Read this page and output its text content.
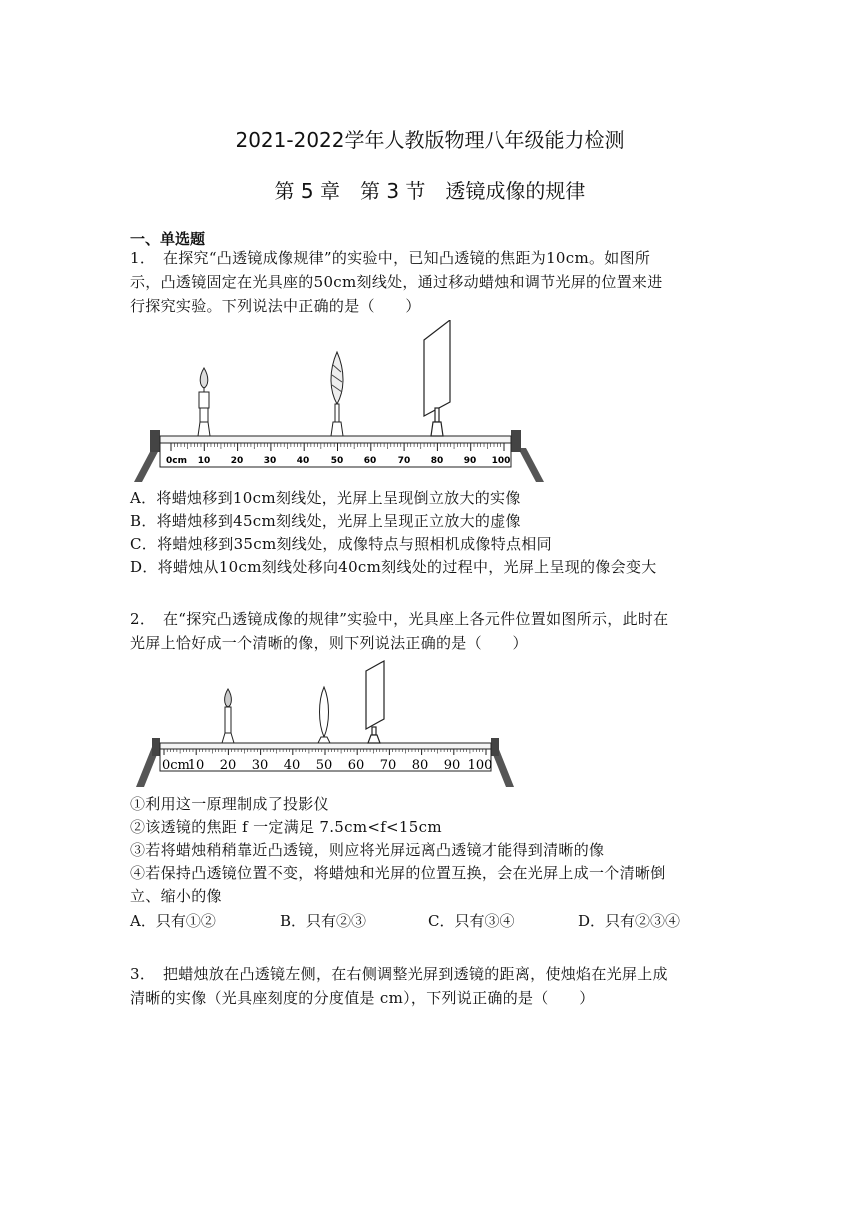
2021-2022学年人教版物理八年级能力检测
第 5 章　第 3 节　透镜成像的规律
一、单选题
1．　在探究“凸透镜成像规律”的实验中，已知凸透镜的焦距为10cm。如图所
示，凸透镜固定在光具座的50cm刻线处，通过移动蜡烛和调节光屏的位置来进
行探究实验。下列说法中正确的是（　　）
0cm 10 20 30 40 50 60 70 80 90 100
A．将蜡烛移到10cm刻线处，光屏上呈现倒立放大的实像
B．将蜡烛移到45cm刻线处，光屏上呈现正立放大的虚像
C．将蜡烛移到35cm刻线处，成像特点与照相机成像特点相同
D．将蜡烛从10cm刻线处移向40cm刻线处的过程中，光屏上呈现的像会变大
2．　在“探究凸透镜成像的规律”实验中，光具座上各元件位置如图所示，此时在
光屏上恰好成一个清晰的像，则下列说法正确的是（　　）
0cm
10 20 30 40 50 60 70 80 90 100
①利用这一原理制成了投影仪
②该透镜的焦距 f 一定满足 7.5cm<f<15cm
③若将蜡烛稍稍靠近凸透镜，则应将光屏远离凸透镜才能得到清晰的像
④若保持凸透镜位置不变，将蜡烛和光屏的位置互换，会在光屏上成一个清晰倒
立、缩小的像
A．只有①②	B．只有②③	C．只有③④	D．只有②③④
3．　把蜡烛放在凸透镜左侧，在右侧调整光屏到透镜的距离，使烛焰在光屏上成
清晰的实像（光具座刻度的分度值是 cm），下列说正确的是（　　）
